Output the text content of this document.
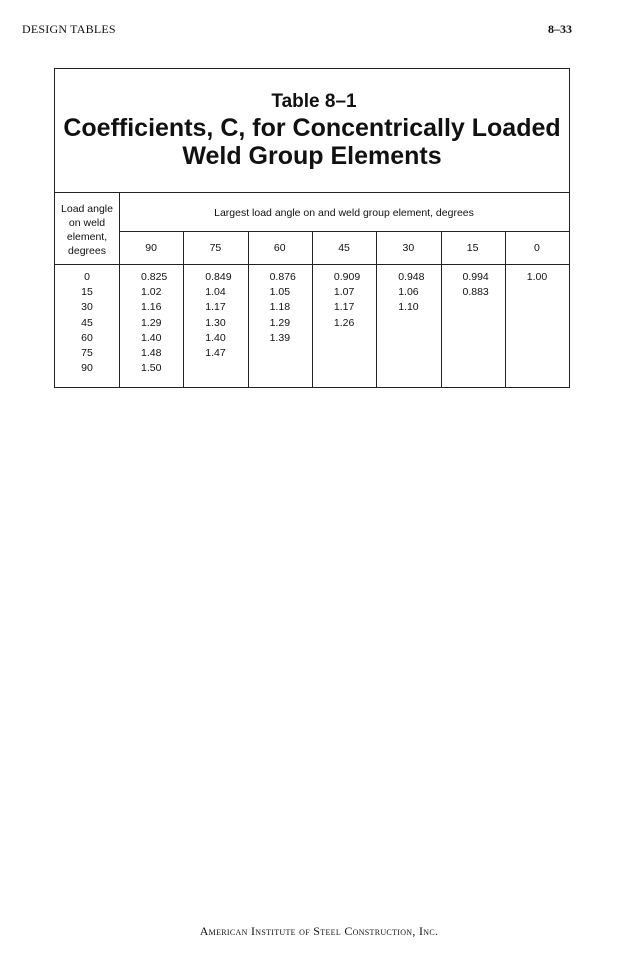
DESIGN TABLES	8–33
Table 8–1
Coefficients, C, for Concentrically Loaded
Weld Group Elements
Load angle
on weld
element,
degrees
Largest load angle on and weld group element, degrees
90	75	60	45	30	15	0
0	0.825	0.849	0.876	0.909	0.948	0.994	1.00
15	1.02	1.04	1.05	1.07	1.06	0.883
30	1.16	1.17	1.18	1.17	1.10
45	1.29	1.30	1.29	1.26
60	1.40	1.40	1.39
75	1.48	1.47
90	1.50
American Institute of Steel Construction, Inc.
